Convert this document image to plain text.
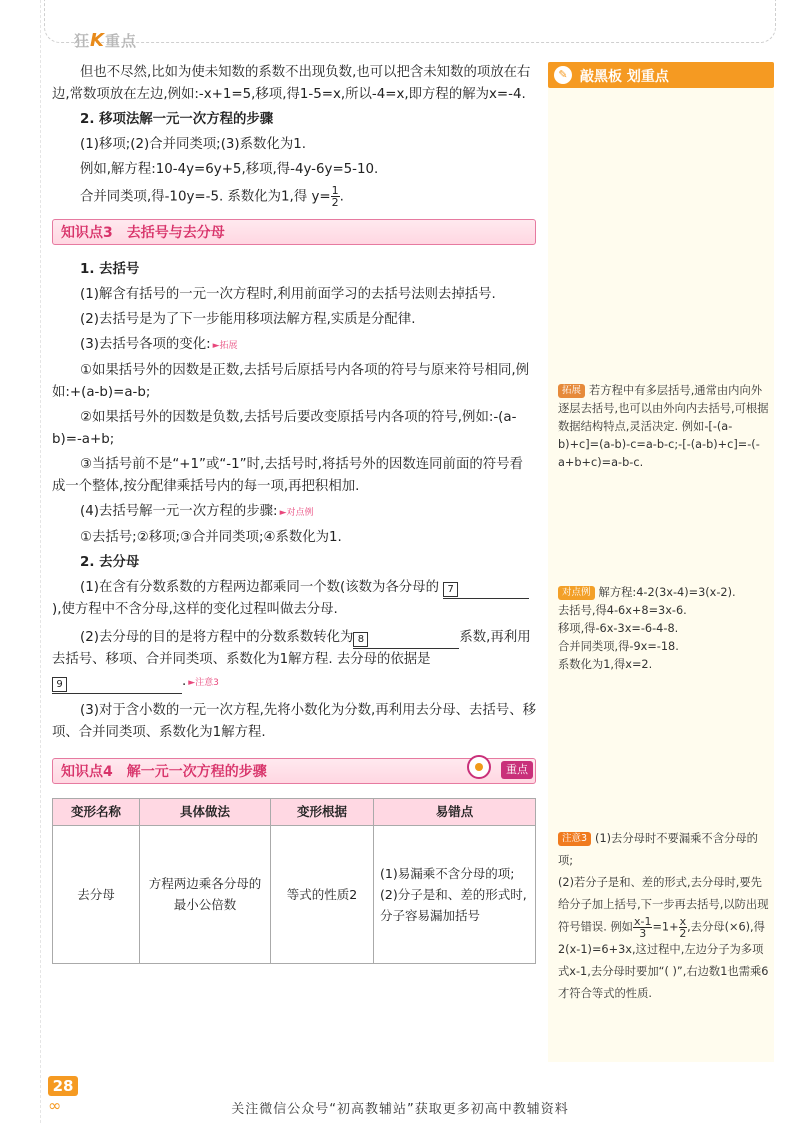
狂K重点

但也不尽然,比如为使未知数的系数不出现负数,也可以把含未知数的项放在右边,常数项放在左边,例如:-x+1=5,移项,得1-5=x,所以-4=x,即方程的解为x=-4.

2. 移项法解一元一次方程的步骤

(1)移项;(2)合并同类项;(3)系数化为1.

例如,解方程:10-4y=6y+5,移项,得-4y-6y=5-10.

合并同类项,得-10y=-5. 系数化为1,得 $y= \frac{1}{2}$ .

知识点3　去括号与去分母

1. 去括号

(1)解含有括号的一元一次方程时,利用前面学习的去括号法则去掉括号.

(2)去括号是为了下一步能用移项法解方程,实质是分配律.

(3)去括号各项的变化: ►拓展

①如果括号外的因数是正数,去括号后原括号内各项的符号与原来符号相同,例如:+(a-b)=a-b;

②如果括号外的因数是负数,去括号后要改变原括号内各项的符号,例如:-(a-b)=-a+b;

③当括号前不是“+1”或“-1”时,去括号时,将括号外的因数连同前面的符号看成一个整体,按分配律乘括号内的每一项,再把积相加.

(4)去括号解一元一次方程的步骤: ►对点例

①去括号;②移项;③合并同类项;④系数化为1.

2. 去分母

(1)在含有分数系数的方程两边都乘同一个数(该数为各分母的 7
),使方程中不含分母,这样的变化过程叫做去分母.

(2)去分母的目的是将方程中的分数系数转化为 8	系数,再利用去括号、移项、合并同类项、系数化为1解方程. 去分母的依据是
9	. ►注意3

(3)对于含小数的一元一次方程,先将小数化为分数,再利用去分母、去括号、移项、合并同类项、系数化为1解方程.

知识点4　解一元一次方程的步骤	重点
变形名称	具体做法	变形根据	易错点
去分母	方程两边乘各分母的最小公倍数	等式的性质2	(1)易漏乘不含分母的项;
(2)分子是和、差的形式时,分子容易漏加括号
✎ 敲黑板 划重点
拓展 若方程中有多层括号,通常由内向外逐层去括号,也可以由外向内去括号,可根据数据结构特点,灵活决定. 例如-[-(a-b)+c]=(a-b)-c=a-b-c;-[-(a-b)+c]=-(-a+b+c)=a-b-c.
对点例 解方程:4-2(3x-4)=3(x-2).
去括号,得4-6x+8=3x-6.
移项,得-6x-3x=-6-4-8.
合并同类项,得-9x=-18.
系数化为1,得x=2.
注意3 (1)去分母时不要漏乘不含分母的项;
(2)若分子是和、差的形式,去分母时,要先给分子加上括号,下一步再去括号,以防出现符号错误. 例如 $\frac{x-1}{3} =1+ \frac{x}{2}$ ,去分母(×6),得2(x-1)=6+3x,这过程中,左边分子为多项式x-1,去分母时要加“( )”,右边数1也需乘6才符合等式的性质.
28
∞	关注微信公众号“初高教辅站”获取更多初高中教辅资料
